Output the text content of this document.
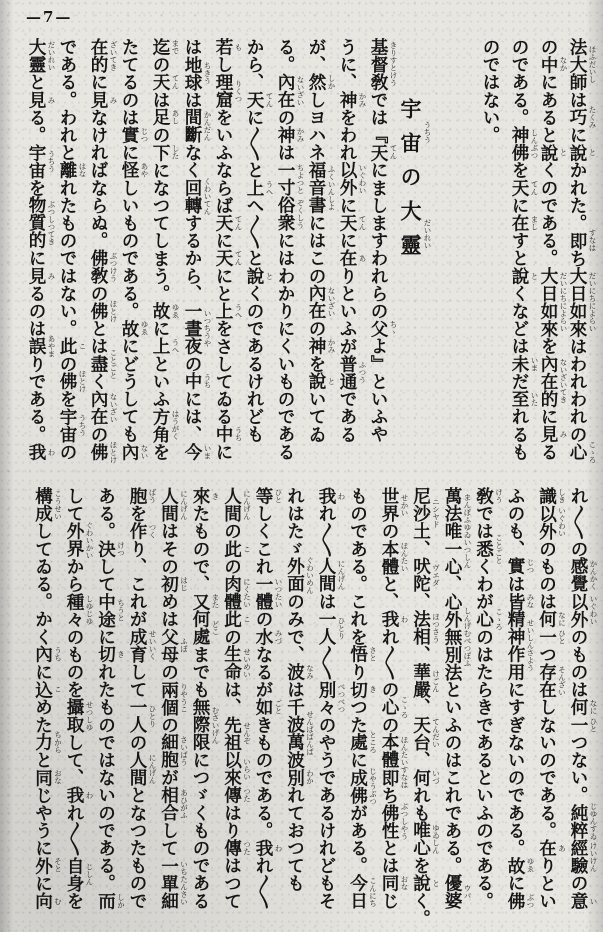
—7—
法大師 ほふだいし
は巧 たくみ
に說 と
かれた。即 すなは
ち大日如來 だいにちによらい
はわれわれの心 こゝろ
の中 なか
にあると說 と
くのである。大日如來 だいにちによらい
を內在的 ないざいてき
に見 み
る
のである。神佛 しんぶつ
を天 てん
に在 まし
すと說 と
くなどは未 いま
だ至 いた
れるも
のではない。
基督敎 きりすとけう
では『天 てん
にましますわれらの父 ちゝ
よ』といふや
うに、神 かみ
をわれ以外 いぐわい
に天 てん
に在 あ
りといふが普通 ふつう
である
が、然 しか
しヨハネ福音書 ふくいんしよ
にはこの內在 ないざい
の神 かみ
を說 と
いてゐ
る。內在 ないざい
の神 かみ
は一寸 ちよつと
俗衆 ぞくしう
にはわかりにくいものである
から、天 てん
に〳〵と上 うへ
へ〳〵と說 と
くのであるけれども
若 も
し理窟 りくつ
をいふならば天 てん
に天 てん
にと上 うへ
をさしてゐる中 うち
に
は地球 ちきう
は間斷 かんだん
なく回轉 くわいてん
するから、一晝夜 いつちうや
の中 うち
には、今 いま
迄 まで
の天 てん
は足 あし
の下 した
になつてしまう。故 ゆゑ
に上 うへ
といふ方角 はうがく
を
たてるのは實 じつ
に怪 あや
しいものである。故 ゆゑ
にどうしても內 ない
在的 ざいてき
に見 み
なければならぬ。佛敎 ぶつけう
の佛 ほとけ
とは盡 ことごと
く內在 ないざい
の佛 ほとけ
である。われと離 はな
れたものではない。此 こ
の佛 ほとけ
を宇宙 うちう
の
大靈 だいれい
と見 み
る。宇宙 うちう
を物質的 ぶつしつてき
に見 み
るのは誤 あやま
りである。我 わ
宇宙 うちう
の大靈 だいれい
れ〳〵の感覺 かんかく
以外 いぐわい
のものは何 なに
一 ひと
つない。純粹 じゆんすゐ
經驗 けいけん
の意 い
識 しき
以外 いぐわい
のものは何 なに
一 ひと
つ存在 そんざい
しないのである。在 あ
りとい
ふのも、實 じつ
は皆 みな
精神作用 せいしんさよう
にすぎないのである。故 ゆゑ
に佛 ぶつ
敎 けう
では悉 ことごと
くわが心 こゝろ
のはたらきであるといふのである。
萬法唯一心 まんぽふゆゐいつしん
、心外無別法 しんげむべつぽふ
といふのはこれである。優婆 ウパ
尼沙土 ニシヤド
、吠陀 ヴエダ
、法相 ほつさう
、華嚴 けごん
、天台 てんだい
、何 いづ
れも唯心 ゆゐしん
を說 と
く。
世界 せかい
の本體 ほんたい
と、我 わ
れ〳〵の心 こゝろ
の本體 ほんたい
即 すなは
ち佛性 ぶつしやう
とは同 おな
じ
ものである。これを悟 さと
り切 き
つた處 ところ
に成佛 じやうぶつ
がある。今日 こんにち
我 わ
れ〳〵人間 にんげん
は一人 ひとり
〳〵別々 べつべつ
のやうであるけれどもそ
れはたゞ外面 ぐわいめん
のみで、波 なみ
は千波萬波 せんぱばんぱ
別 わか
れておつても
等 ひと
しくこれ一體 いつたい
の水 みづ
なるが如 ごと
きものである。我 わ
れ〳〵
人間 にんげん
の此 こ
の肉體 にくたい
此 こ
の生命 せいめい
は、先祖 せんぞ
以來 いらい
傳 つた
はり傳 つた
はつて
來 き
たもので、又 また
何處 どこ
までも無際限 むさいげん
につゞくものである
人間 にんげん
はその初 はじ
めは父母 ふぼ
の兩個 りやうこ
の細胞 さいばう
が相合 あひがふ
して一單細 いちたんさい
胞 ばう
を作 つく
り、これが成育 せいいく
して一人 ひとり
の人間 にんげん
となつたもので
ある。決 けつ
して中途 ちうと
に切 き
れたものではないのである。而 しか
して外界 ぐわいかい
から種々 しゆじゆ
のものを攝取 せつしゆ
して、我 わ
れ〳〵自身 じしん
を
構成 こうせい
してゐる。かく內 うち
に込 こ
めた力 ちから
と同 おな
じやうに外 そと
に向 む
